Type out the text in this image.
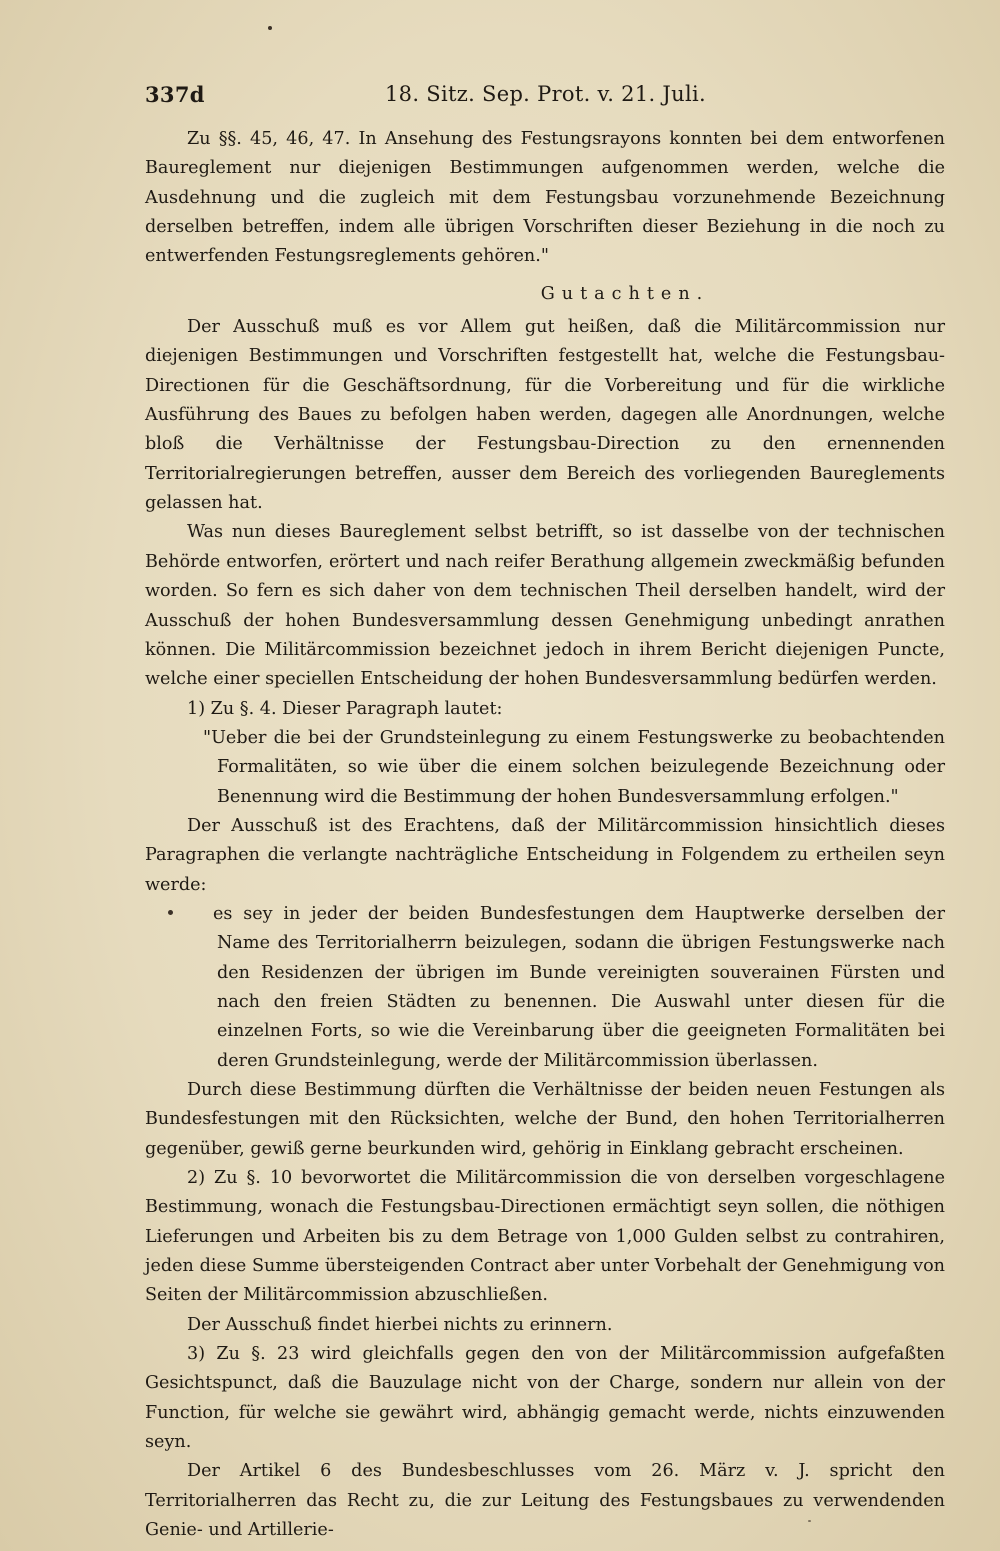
337d	18. Sitz. Sep. Prot. v. 21. Juli.

Zu §§. 45, 46, 47. In Ansehung des Festungsrayons konnten bei dem entworfenen Baureglement nur diejenigen Bestimmungen aufgenommen werden, welche die Ausdehnung und die zugleich mit dem Festungsbau vorzunehmende Bezeichnung derselben betreffen, indem alle übrigen Vorschriften dieser Beziehung in die noch zu entwerfenden Festungsreglements gehören."

Gutachten.

Der Ausschuß muß es vor Allem gut heißen, daß die Militärcommission nur diejenigen Bestimmungen und Vorschriften festgestellt hat, welche die Festungsbau-Directionen für die Geschäftsordnung, für die Vorbereitung und für die wirkliche Ausführung des Baues zu befolgen haben werden, dagegen alle Anordnungen, welche bloß die Verhältnisse der Festungsbau-Direction zu den ernennenden Territorialregierungen betreffen, ausser dem Bereich des vorliegenden Baureglements gelassen hat.

Was nun dieses Baureglement selbst betrifft, so ist dasselbe von der technischen Behörde entworfen, erörtert und nach reifer Berathung allgemein zweckmäßig befunden worden. So fern es sich daher von dem technischen Theil derselben handelt, wird der Ausschuß der hohen Bundesversammlung dessen Genehmigung unbedingt anrathen können. Die Militärcommission bezeichnet jedoch in ihrem Bericht diejenigen Puncte, welche einer speciellen Entscheidung der hohen Bundesversammlung bedürfen werden.

1) Zu §. 4. Dieser Paragraph lautet:

"Ueber die bei der Grundsteinlegung zu einem Festungswerke zu beobachtenden Formalitäten, so wie über die einem solchen beizulegende Bezeichnung oder Benennung wird die Bestimmung der hohen Bundesversammlung erfolgen."

Der Ausschuß ist des Erachtens, daß der Militärcommission hinsichtlich dieses Paragraphen die verlangte nachträgliche Entscheidung in Folgendem zu ertheilen seyn werde:

es sey in jeder der beiden Bundesfestungen dem Hauptwerke derselben der Name des Territorialherrn beizulegen, sodann die übrigen Festungswerke nach den Residenzen der übrigen im Bunde vereinigten souverainen Fürsten und nach den freien Städten zu benennen. Die Auswahl unter diesen für die einzelnen Forts, so wie die Vereinbarung über die geeigneten Formalitäten bei deren Grundsteinlegung, werde der Militärcommission überlassen.

Durch diese Bestimmung dürften die Verhältnisse der beiden neuen Festungen als Bundesfestungen mit den Rücksichten, welche der Bund, den hohen Territorialherren gegenüber, gewiß gerne beurkunden wird, gehörig in Einklang gebracht erscheinen.

2) Zu §. 10 bevorwortet die Militärcommission die von derselben vorgeschlagene Bestimmung, wonach die Festungsbau-Directionen ermächtigt seyn sollen, die nöthigen Lieferungen und Arbeiten bis zu dem Betrage von 1,000 Gulden selbst zu contrahiren, jeden diese Summe übersteigenden Contract aber unter Vorbehalt der Genehmigung von Seiten der Militärcommission abzuschließen.

Der Ausschuß findet hierbei nichts zu erinnern.

3) Zu §. 23 wird gleichfalls gegen den von der Militärcommission aufgefaßten Gesichtspunct, daß die Bauzulage nicht von der Charge, sondern nur allein von der Function, für welche sie gewährt wird, abhängig gemacht werde, nichts einzuwenden seyn.

Der Artikel 6 des Bundesbeschlusses vom 26. März v. J. spricht den Territorialherren das Recht zu, die zur Leitung des Festungsbaues zu verwendenden Genie- und Artillerie-
